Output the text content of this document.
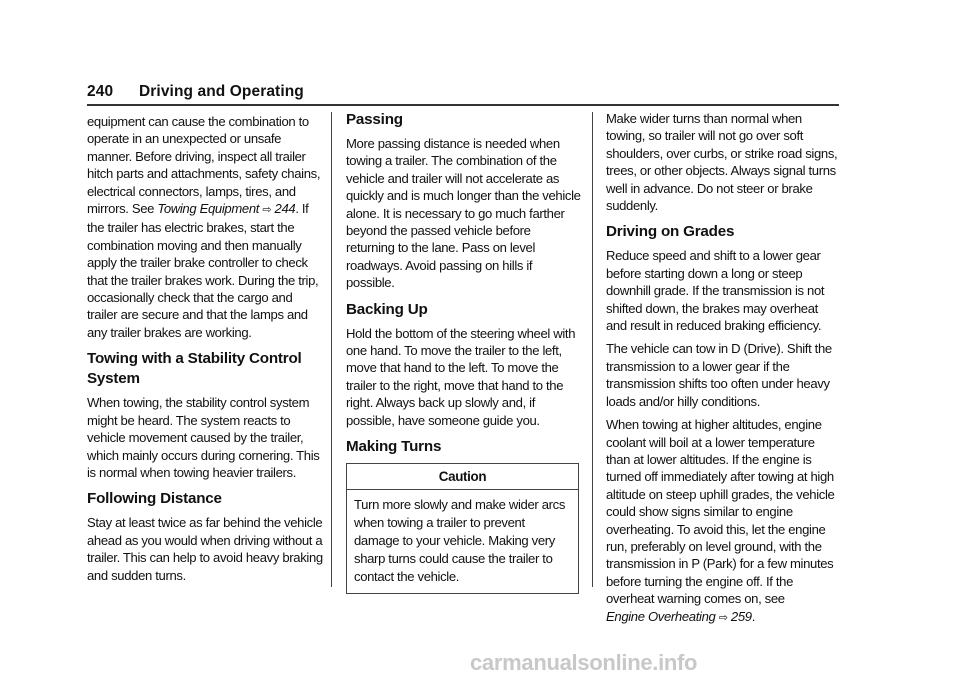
240 Driving and Operating

equipment can cause the combination to operate in an unexpected or unsafe manner. Before driving, inspect all trailer hitch parts and attachments, safety chains, electrical connectors, lamps, tires, and mirrors. See Towing Equipment ⇨ 244. If the trailer has electric brakes, start the combination moving and then manually apply the trailer brake controller to check that the trailer brakes work. During the trip, occasionally check that the cargo and trailer are secure and that the lamps and any trailer brakes are working.

Towing with a Stability Control System

When towing, the stability control system might be heard. The system reacts to vehicle movement caused by the trailer, which mainly occurs during cornering. This is normal when towing heavier trailers.

Following Distance

Stay at least twice as far behind the vehicle ahead as you would when driving without a trailer. This can help to avoid heavy braking and sudden turns.

Passing

More passing distance is needed when towing a trailer. The combination of the vehicle and trailer will not accelerate as quickly and is much longer than the vehicle alone. It is necessary to go much farther beyond the passed vehicle before returning to the lane. Pass on level roadways. Avoid passing on hills if possible.

Backing Up

Hold the bottom of the steering wheel with one hand. To move the trailer to the left, move that hand to the left. To move the trailer to the right, move that hand to the right. Always back up slowly and, if possible, have someone guide you.

Making Turns
Caution
Turn more slowly and make wider arcs when towing a trailer to prevent damage to your vehicle. Making very sharp turns could cause the trailer to contact the vehicle.

Make wider turns than normal when towing, so trailer will not go over soft shoulders, over curbs, or strike road signs, trees, or other objects. Always signal turns well in advance. Do not steer or brake suddenly.

Driving on Grades

Reduce speed and shift to a lower gear before starting down a long or steep downhill grade. If the transmission is not shifted down, the brakes may overheat and result in reduced braking efficiency.

The vehicle can tow in D (Drive). Shift the transmission to a lower gear if the transmission shifts too often under heavy loads and/or hilly conditions.

When towing at higher altitudes, engine coolant will boil at a lower temperature than at lower altitudes. If the engine is turned off immediately after towing at high altitude on steep uphill grades, the vehicle could show signs similar to engine overheating. To avoid this, let the engine run, preferably on level ground, with the transmission in P (Park) for a few minutes before turning the engine off. If the overheat warning comes on, see Engine Overheating ⇨ 259.

carmanualsonline.info
